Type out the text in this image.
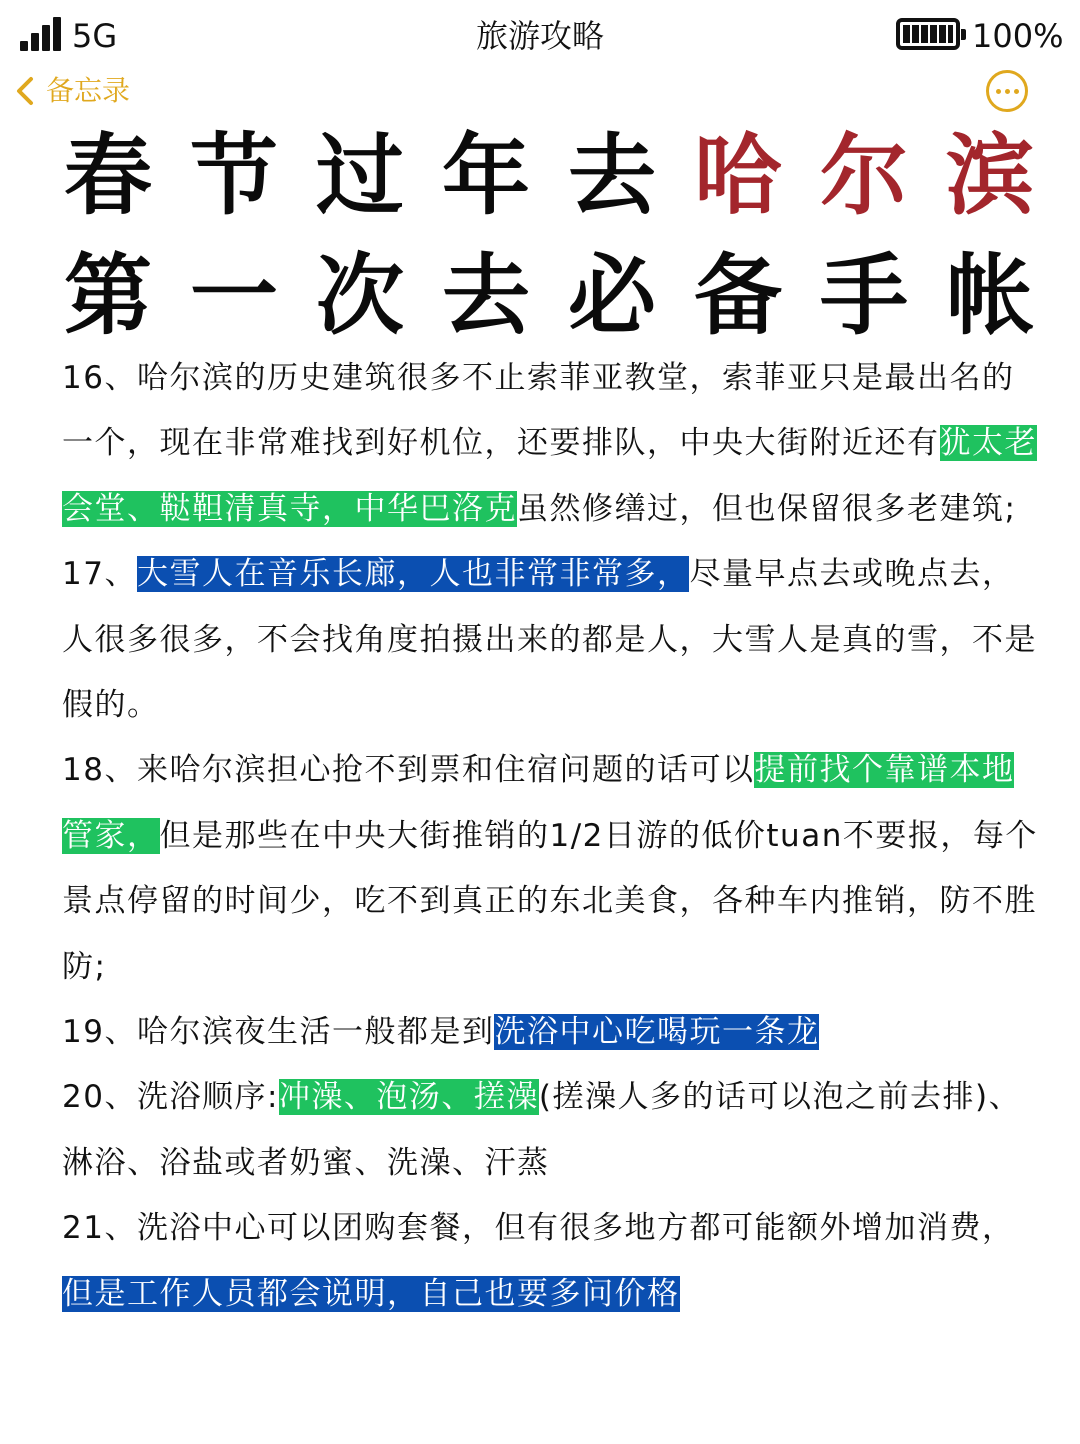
5G	旅游攻略	100%
备忘录
春节过年去哈尔滨
第一次去必备手帐

16、哈尔滨的历史建筑很多不止索菲亚教堂，索菲亚只是最出名的一个，现在非常难找到好机位，还要排队，中央大街附近还有犹太老会堂、鞑靼清真寺，中华巴洛克虽然修缮过，但也保留很多老建筑;

17、大雪人在音乐长廊，人也非常非常多，尽量早点去或晚点去，人很多很多，不会找角度拍摄出来的都是人，大雪人是真的雪，不是假的。

18、来哈尔滨担心抢不到票和住宿问题的话可以提前找个靠谱本地管家，但是那些在中央大街推销的1/2日游的低价tuan不要报，每个景点停留的时间少，吃不到真正的东北美食，各种车内推销，防不胜防;

19、哈尔滨夜生活一般都是到洗浴中心吃喝玩一条龙

20、洗浴顺序:冲澡、泡汤、搓澡(搓澡人多的话可以泡之前去排)、淋浴、浴盐或者奶蜜、洗澡、汗蒸

21、洗浴中心可以团购套餐，但有很多地方都可能额外增加消费，但是工作人员都会说明，自己也要多问价格
